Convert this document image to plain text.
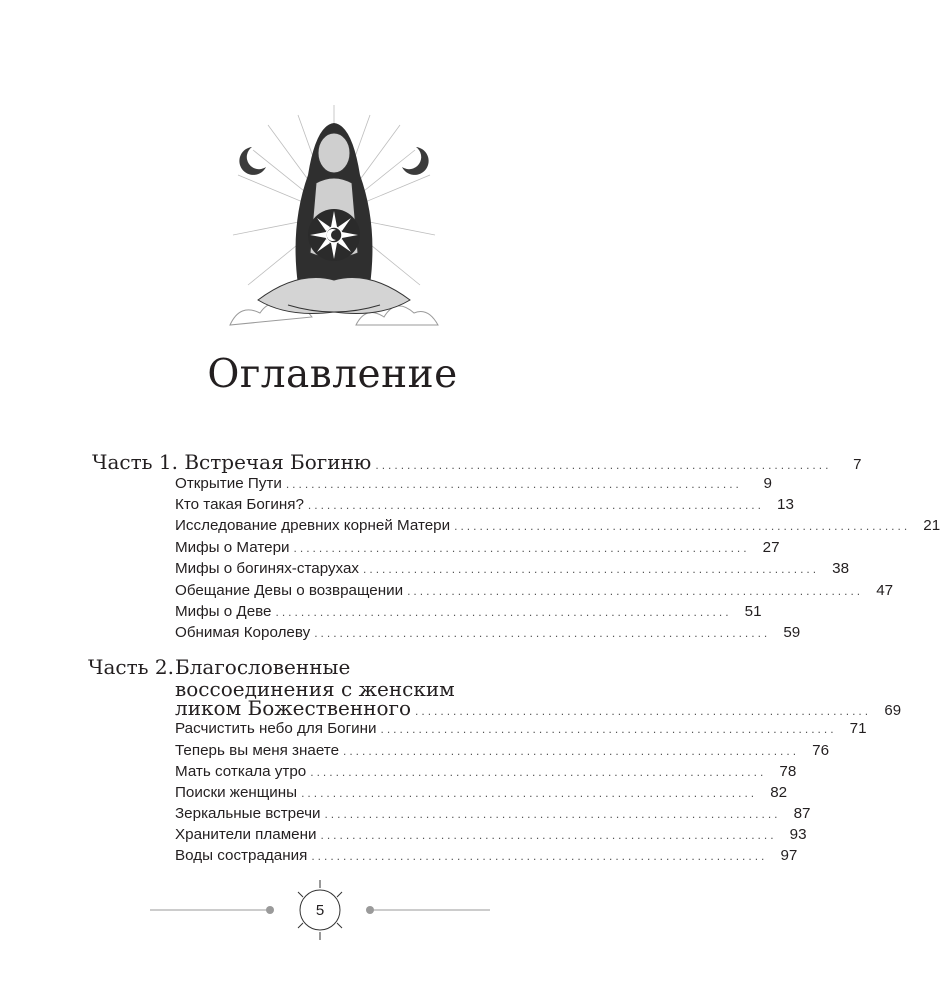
Оглавление
Часть 1. Встречая Богиню ........................................................................	7
Открытие Пути ........................................................................	9
Кто такая Богиня? ........................................................................ 13
Исследование древних корней Матери ........................................................................ 21
Мифы о Матери ........................................................................ 27
Мифы о богинях-старухах ........................................................................ 38
Обещание Девы о возвращении ........................................................................ 47
Мифы о Деве ........................................................................ 51
Обнимая Королеву ........................................................................ 59
Часть 2. Благословенные
воссоединения с женским
ликом Божественного ........................................................................ 69
Расчистить небо для Богини ........................................................................ 71
Теперь вы меня знаете ........................................................................ 76
Мать соткала утро ........................................................................ 78
Поиски женщины ........................................................................ 82
Зеркальные встречи ........................................................................ 87
Хранители пламени ........................................................................ 93
Воды сострадания ........................................................................ 97
5
